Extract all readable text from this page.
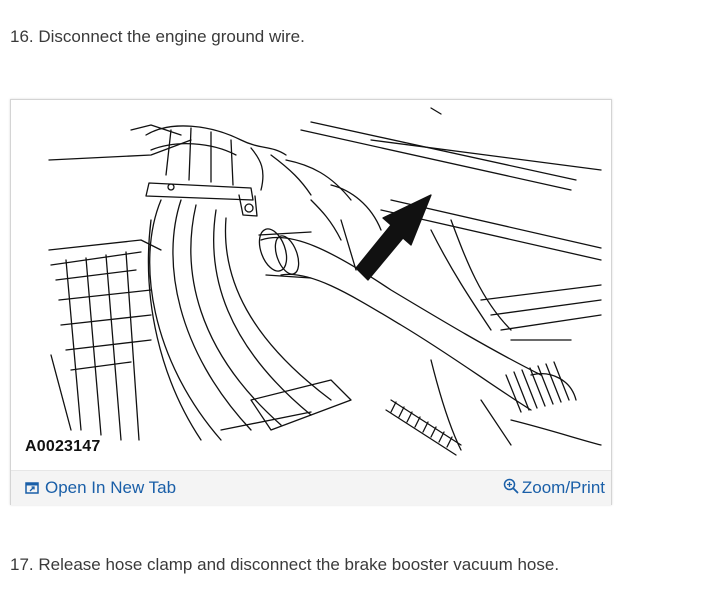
16. Disconnect the engine ground wire.
A0023147
Open In New Tab	Zoom/Print
17. Release hose clamp and disconnect the brake booster vacuum hose.
